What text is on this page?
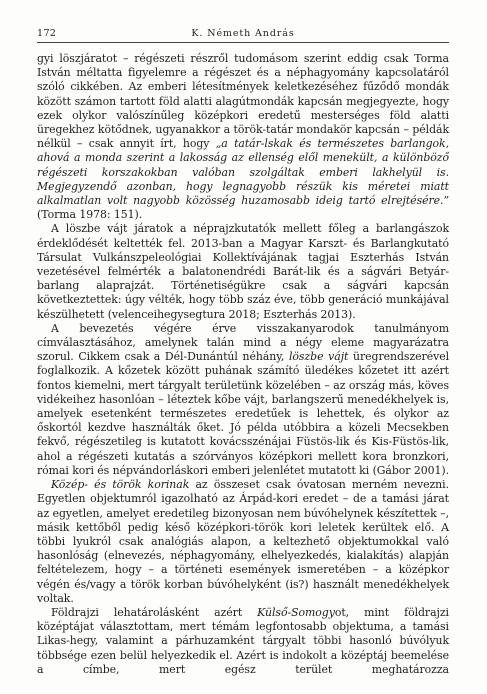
172	K. Németh András

gyi löszjáratot – régészeti részről tudomásom szerint eddig csak Torma István méltatta figyelemre a régészet és a néphagyomány kapcsolatáról szóló cikkében. Az emberi létesítmények keletkezéséhez fűződő mondák között számon tartott föld alatti alagútmondák kapcsán megjegyezte, hogy ezek olykor valószínűleg középkori eredetű mesterséges föld alatti üregekhez kötődnek, ugyanakkor a török-tatár mondakör kapcsán – példák nélkül – csak annyit írt, hogy „a tatár-lskak és természetes barlangok, ahová a monda szerint a lakosság az ellenség elől menekült, a különböző régészeti korszakokban valóban szolgáltak emberi lakhelyül is. Megjegyzendő azonban, hogy legnagyobb részük kis méretei miatt alkalmatlan volt nagyobb közösség huzamosabb ideig tartó elrejtésére.” (Torma 1978: 151).

A löszbe vájt járatok a néprajzkutatók mellett főleg a barlangászok érdeklődését keltették fel. 2013-ban a Magyar Karszt- és Barlangkutató Társulat Vulkánszpeleológiai Kollektívájának tagjai Eszterhás István vezetésével felmérték a balatonendrédi Barát-lik és a ságvári Betyár-barlang alaprajzát. Történetiségükre csak a ságvári kapcsán következtettek: úgy vélték, hogy több száz éve, több generáció munkájával készülhetett (velenceihegysegtura 2018; Eszterhás 2013).

A bevezetés végére érve visszakanyarodok tanulmányom címválasztásához, amelynek talán mind a négy eleme magyarázatra szorul. Cikkem csak a Dél-Dunántúl néhány, löszbe vájt üregrendszerével foglalkozik. A kőzetek között puhának számító üledékes kőzetet itt azért fontos kiemelni, mert tárgyalt területünk közelében – az ország más, köves vidékeihez hasonlóan – léteztek kőbe vájt, barlangszerű menedékhelyek is, amelyek esetenként természetes eredetűek is lehettek, és olykor az őskortól kezdve használták őket. Jó példa utóbbira a közeli Mecsekben fekvő, régészetileg is kutatott kovácsszénájai Füstös-lik és Kis-Füstös-lik, ahol a régészeti kutatás a szórványos középkori mellett kora bronzkori, római kori és népvándorláskori emberi jelenlétet mutatott ki (Gábor 2001).

Közép- és török korinak az összeset csak óvatosan merném nevezni. Egyetlen objektumról igazolható az Árpád-kori eredet – de a tamási járat az egyetlen, amelyet eredetileg bizonyosan nem búvóhelynek készítettek –, másik kettőből pedig késő középkori-török kori leletek kerültek elő. A többi lyukról csak analógiás alapon, a keltezhető objektumokkal való hasonlóság (elnevezés, néphagyomány, elhelyezkedés, kialakítás) alapján feltételezem, hogy – a történeti események ismeretében – a középkor végén és/vagy a török korban búvóhelyként (is?) használt menedékhelyek voltak.

Földrajzi lehatárolásként azért Külső-Somogyot, mint földrajzi középtájat választottam, mert témám legfontosabb objektuma, a tamási Likas-hegy, valamint a párhuzamként tárgyalt többi hasonló búvólyuk többsége ezen belül helyezkedik el. Azért is indokolt a középtáj beemelése a címbe, mert egész terület meghatározza
